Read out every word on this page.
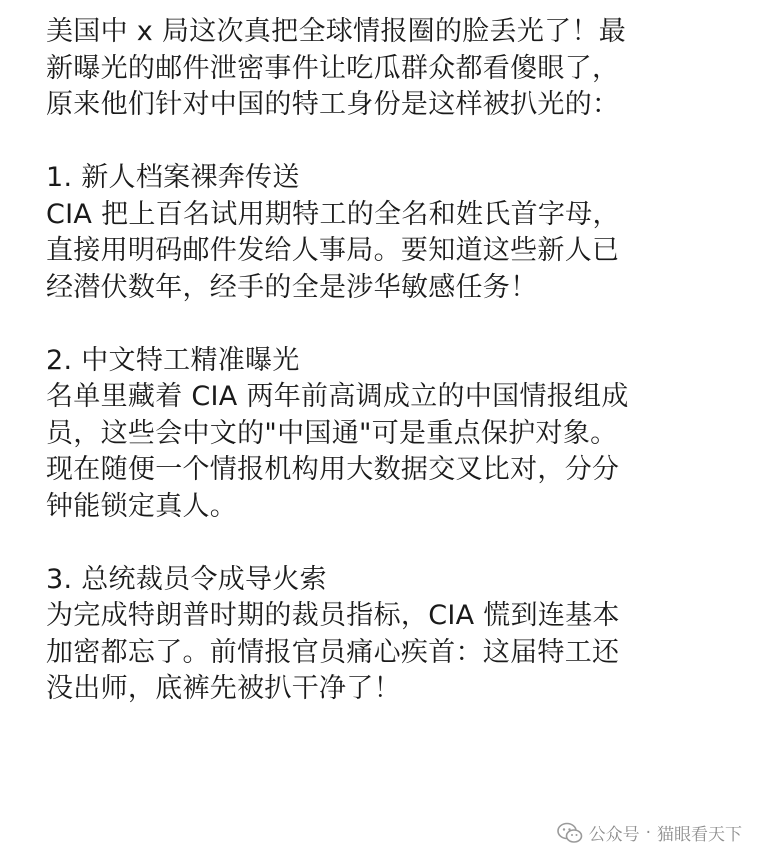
美国中 x 局这次真把全球情报圈的脸丢光了！最
新曝光的邮件泄密事件让吃瓜群众都看傻眼了，
原来他们针对中国的特工身份是这样被扒光的：
1. 新人档案裸奔传送
CIA 把上百名试用期特工的全名和姓氏首字母，
直接用明码邮件发给人事局。要知道这些新人已
经潜伏数年，经手的全是涉华敏感任务！
2. 中文特工精准曝光
名单里藏着 CIA 两年前高调成立的中国情报组成
员，这些会中文的"中国通"可是重点保护对象。
现在随便一个情报机构用大数据交叉比对，分分
钟能锁定真人。
3. 总统裁员令成导火索
为完成特朗普时期的裁员指标，CIA 慌到连基本
加密都忘了。前情报官员痛心疾首：这届特工还
没出师，底裤先被扒干净了！
公众号 · 猫眼看天下
